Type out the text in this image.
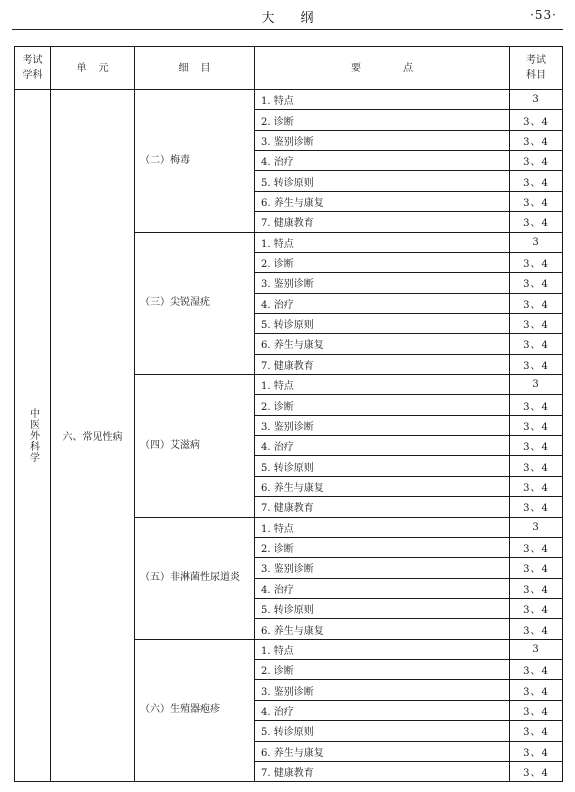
大纲	·53·
考试
学科	单元	细目	要点	考试
科目
中医外科学	六、常见性病	（二）梅毒	1. 特点	3
			2. 诊断	3、4
			3. 鉴别诊断	3、4
			4. 治疗	3、4
			5. 转诊原则	3、4
			6. 养生与康复	3、4
			7. 健康教育	3、4
		（三）尖锐湿疣	1. 特点	3
			2. 诊断	3、4
			3. 鉴别诊断	3、4
			4. 治疗	3、4
			5. 转诊原则	3、4
			6. 养生与康复	3、4
			7. 健康教育	3、4
		（四）艾滋病	1. 特点	3
			2. 诊断	3、4
			3. 鉴别诊断	3、4
			4. 治疗	3、4
			5. 转诊原则	3、4
			6. 养生与康复	3、4
			7. 健康教育	3、4
		（五）非淋菌性尿道炎	1. 特点	3
			2. 诊断	3、4
			3. 鉴别诊断	3、4
			4. 治疗	3、4
			5. 转诊原则	3、4
			6. 养生与康复	3、4
		（六）生殖器疱疹	1. 特点	3
			2. 诊断	3、4
			3. 鉴别诊断	3、4
			4. 治疗	3、4
			5. 转诊原则	3、4
			6. 养生与康复	3、4
			7. 健康教育	3、4
